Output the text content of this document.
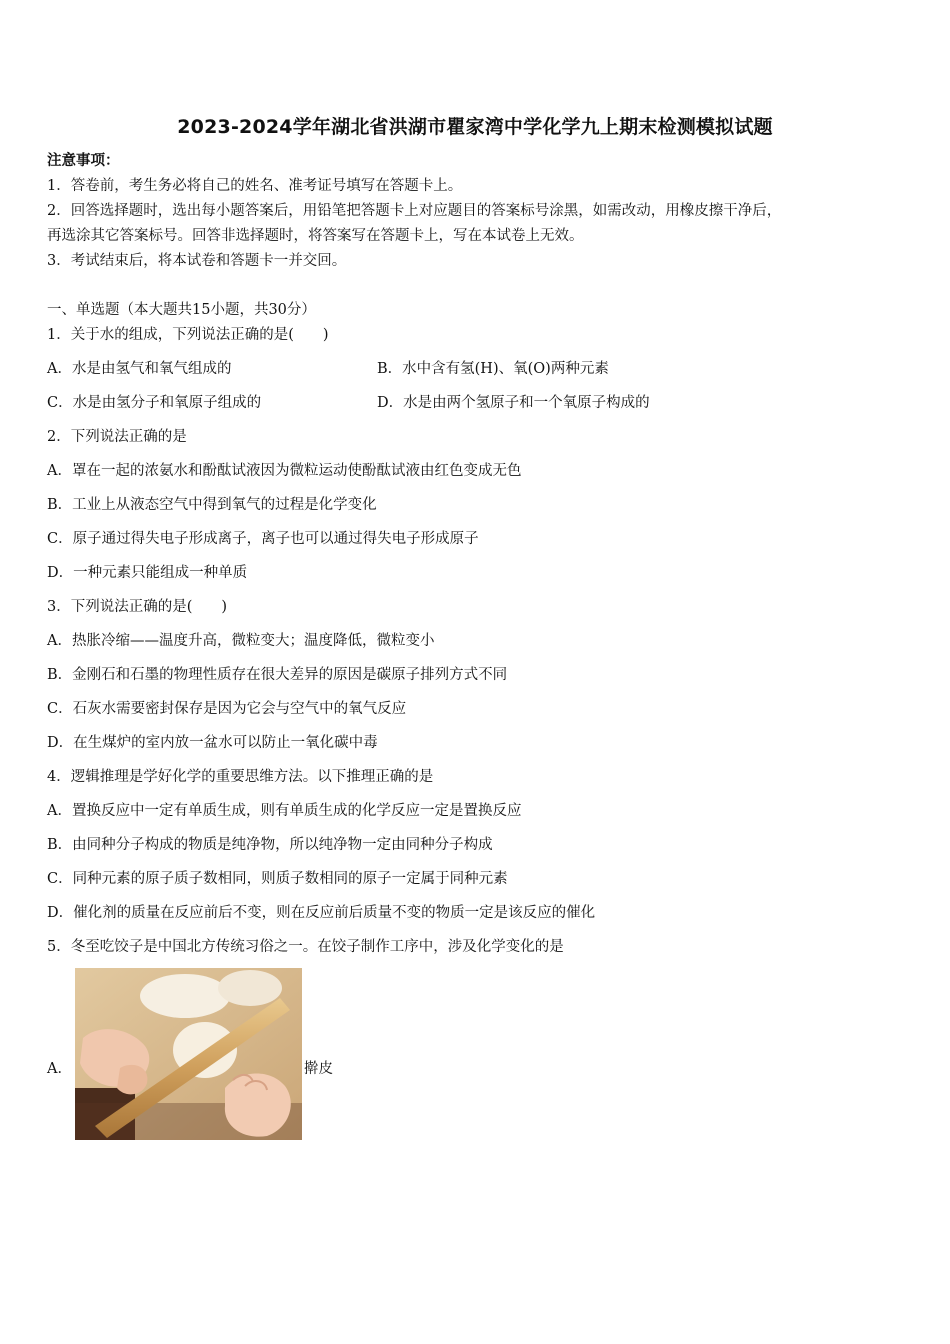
2023-2024学年湖北省洪湖市瞿家湾中学化学九上期末检测模拟试题
注意事项：
1．答卷前，考生务必将自己的姓名、准考证号填写在答题卡上。
2．回答选择题时，选出每小题答案后，用铅笔把答题卡上对应题目的答案标号涂黑，如需改动，用橡皮擦干净后，
再选涂其它答案标号。回答非选择题时，将答案写在答题卡上，写在本试卷上无效。
3．考试结束后，将本试卷和答题卡一并交回。
一、单选题（本大题共15小题，共30分）
1．关于水的组成，下列说法正确的是(　　)
A．水是由氢气和氧气组成的	B．水中含有氢(H)、氧(O)两种元素
C．水是由氢分子和氧原子组成的	D．水是由两个氢原子和一个氧原子构成的
2．下列说法正确的是
A．罩在一起的浓氨水和酚酞试液因为微粒运动使酚酞试液由红色变成无色
B．工业上从液态空气中得到氧气的过程是化学变化
C．原子通过得失电子形成离子，离子也可以通过得失电子形成原子
D．一种元素只能组成一种单质
3．下列说法正确的是(　　)
A．热胀冷缩——温度升高，微粒变大；温度降低，微粒变小
B．金刚石和石墨的物理性质存在很大差异的原因是碳原子排列方式不同
C．石灰水需要密封保存是因为它会与空气中的氧气反应
D．在生煤炉的室内放一盆水可以防止一氧化碳中毒
4．逻辑推理是学好化学的重要思维方法。以下推理正确的是
A．置换反应中一定有单质生成，则有单质生成的化学反应一定是置换反应
B．由同种分子构成的物质是纯净物，所以纯净物一定由同种分子构成
C．同种元素的原子质子数相同，则质子数相同的原子一定属于同种元素
D．催化剂的质量在反应前后不变，则在反应前后质量不变的物质一定是该反应的催化
5．冬至吃饺子是中国北方传统习俗之一。在饺子制作工序中，涉及化学变化的是
A．	擀皮
